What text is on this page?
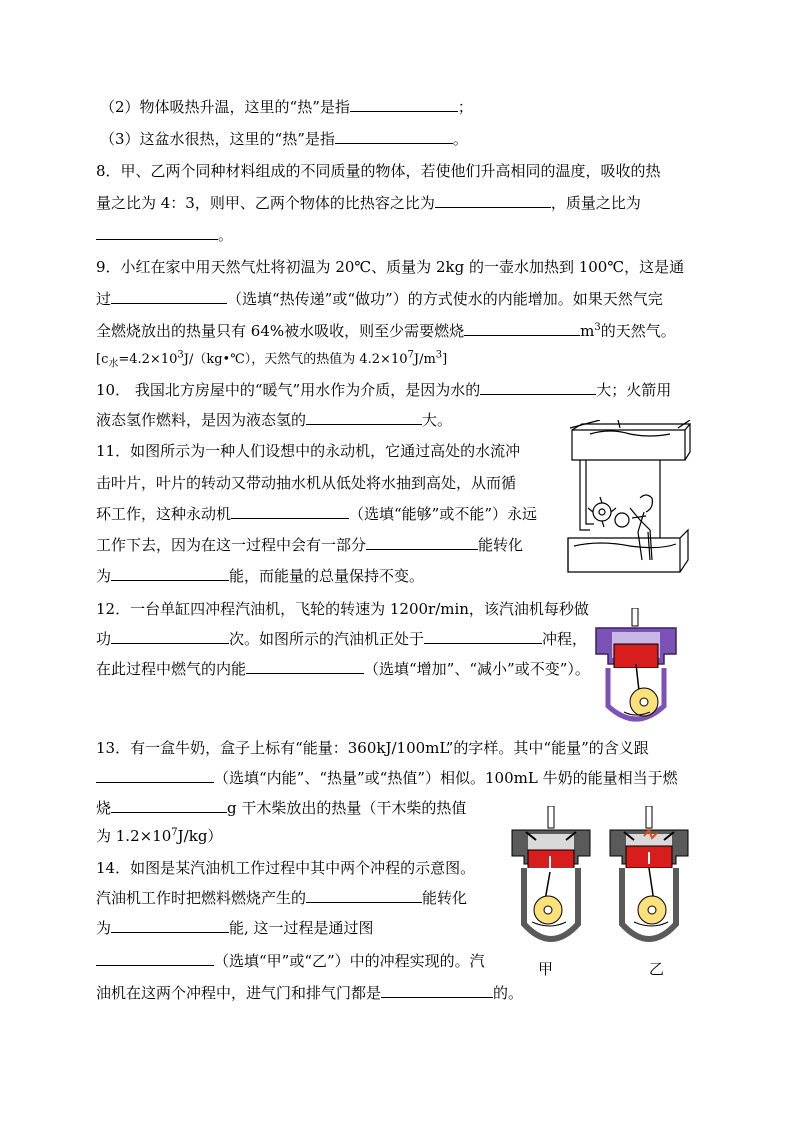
（2）物体吸热升温，这里的“热”是指	；
（3）这盆水很热，这里的“热”是指	。
8．甲、乙两个同种材料组成的不同质量的物体，若使他们升高相同的温度，吸收的热
量之比为 4：3，则甲、乙两个物体的比热容之比为	，质量之比为
。
9．小红在家中用天然气灶将初温为 20℃、质量为 2kg 的一壶水加热到 100℃，这是通
过	（选填“热传递”或“做功”）的方式使水的内能增加。如果天然气完
全燃烧放出的热量只有 64%被水吸收，则至少需要燃烧	$m^3$的天然气。
[$c_水=4.2\times 10^3J/(kg•℃)$，天然气的热值为 $4.2\times 10^7J/m^3$]
10． 我国北方房屋中的“暖气”用水作为介质，是因为水的	大；火箭用
液态氢作燃料，是因为液态氢的	大。
11．如图所示为一种人们设想中的永动机，它通过高处的水流冲
击叶片，叶片的转动又带动抽水机从低处将水抽到高处，从而循
环工作，这种永动机	（选填“能够”或不能”）永远
工作下去，因为在这一过程中会有一部分	能转化
为	能，而能量的总量保持不变。
12．一台单缸四冲程汽油机，飞轮的转速为 1200r/min，该汽油机每秒做
功	次。如图所示的汽油机正处于	冲程，
在此过程中燃气的内能	（选填“增加”、“减小”或不变”）。
13．有一盒牛奶，盒子上标有“能量：360kJ/100mL”的字样。其中“能量”的含义跟
（选填“内能”、“热量”或“热值”）相似。100mL 牛奶的能量相当于燃
烧	g 干木柴放出的热量（干木柴的热值
为 $1.2\times 10^7J/kg$）
14．如图是某汽油机工作过程中其中两个冲程的示意图。
汽油机工作时把燃料燃烧产生的	能转化
为	能, 这一过程是通过图
（选填“甲”或“乙”）中的冲程实现的。汽
油机在这两个冲程中，进气门和排气门都是	的。
甲	乙
